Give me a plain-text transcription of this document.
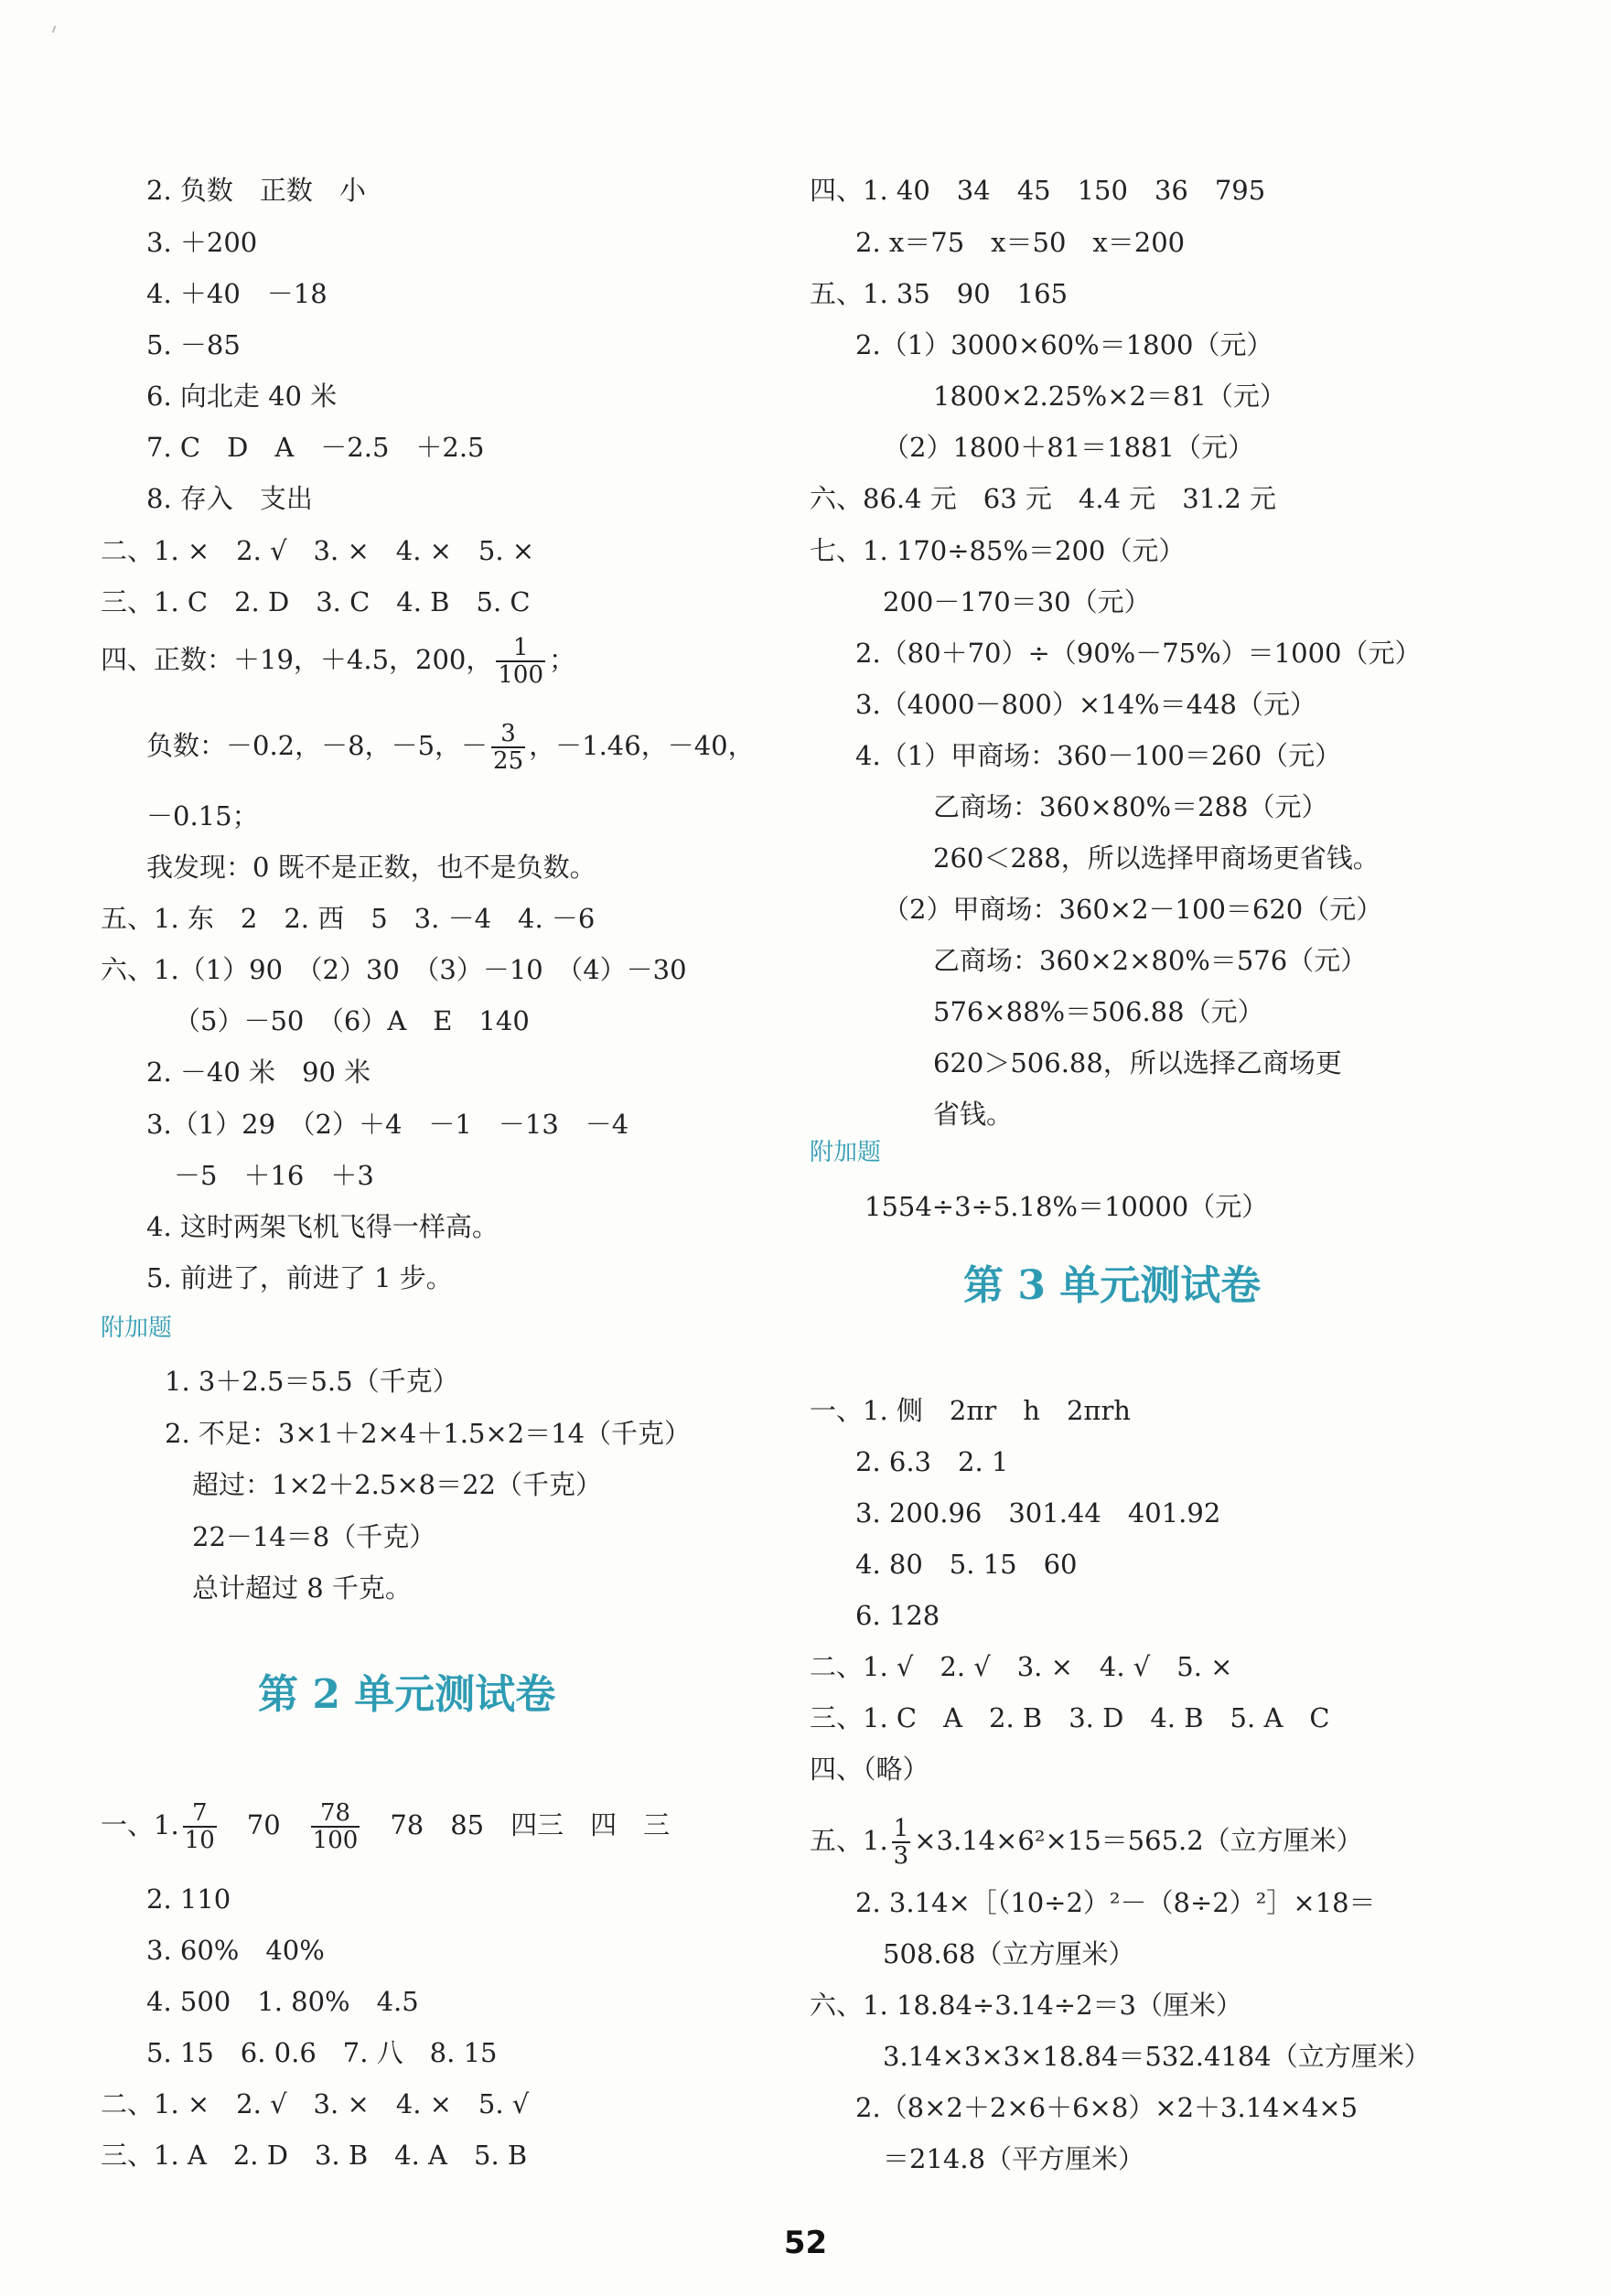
2. 负数　正数　小
3. ＋200
4. ＋40　－18
5. －85
6. 向北走 40 米
7. C　D　A　－2.5　＋2.5
8. 存入　支出
二、1. ×　2. √　3. ×　4. ×　5. ×
三、1. C　2. D　3. C　4. B　5. C
四、正数：＋19，＋4.5，200， $\frac{1}{100}$ ；
负数：－0.2，－8，－5，－ $\frac{3}{25}$ ，－1.46，－40，
－0.15；
我发现：0 既不是正数，也不是负数。
五、1. 东　2　2. 西　5　3. －4　4. －6
六、1.（1）90　（2）30　（3）－10　（4）－30
（5）－50　（6）A　E　140
2. －40 米　90 米
3.（1）29　（2）＋4　－1　－13　－4
－5　＋16　＋3
4. 这时两架飞机飞得一样高。
5. 前进了，前进了 1 步。
附加题
1. 3＋2.5＝5.5（千克）
2. 不足：3×1＋2×4＋1.5×2＝14（千克）
超过：1×2＋2.5×8＝22（千克）
22－14＝8（千克）
总计超过 8 千克。
第 2 单元测试卷
一、1. $\frac{7}{10}$ 　70　 $\frac{78}{100}$ 　78　85　四三　四　三
2. 110
3. 60%　40%
4. 500　1. 80%　4.5
5. 15　6. 0.6　7. 八　8. 15
二、1. ×　2. √　3. ×　4. ×　5. √
三、1. A　2. D　3. B　4. A　5. B
四、1. 40　34　45　150　36　795
2. x＝75　x＝50　x＝200
五、1. 35　90　165
2.（1）3000×60%＝1800（元）
1800×2.25%×2＝81（元）
（2）1800＋81＝1881（元）
六、86.4 元　63 元　4.4 元　31.2 元
七、1. 170÷85%＝200（元）
200－170＝30（元）
2.（80＋70）÷（90%－75%）＝1000（元）
3.（4000－800）×14%＝448（元）
4.（1）甲商场：360－100＝260（元）
乙商场：360×80%＝288（元）
260＜288，所以选择甲商场更省钱。
（2）甲商场：360×2－100＝620（元）
乙商场：360×2×80%＝576（元）
576×88%＝506.88（元）
620＞506.88，所以选择乙商场更
省钱。
附加题
1554÷3÷5.18%＝10000（元）
第 3 单元测试卷
一、1. 侧　2πr　h　2πrh
2. 6.3　2. 1
3. 200.96　301.44　401.92
4. 80　5. 15　60
6. 128
二、1. √　2. √　3. ×　4. √　5. ×
三、1. C　A　2. B　3. D　4. B　5. A　C
四、（略）
五、1. $\frac{1}{3} \times 3.14\times 6^2\times 15=565.2$（立方厘米）
2. 3.14×［（10÷2）²－（8÷2）²］×18＝
508.68（立方厘米）
六、1. 18.84÷3.14÷2＝3（厘米）
3.14×3×3×18.84＝532.4184（立方厘米）
2.（8×2＋2×6＋6×8）×2＋3.14×4×5
＝214.8（平方厘米）
52
